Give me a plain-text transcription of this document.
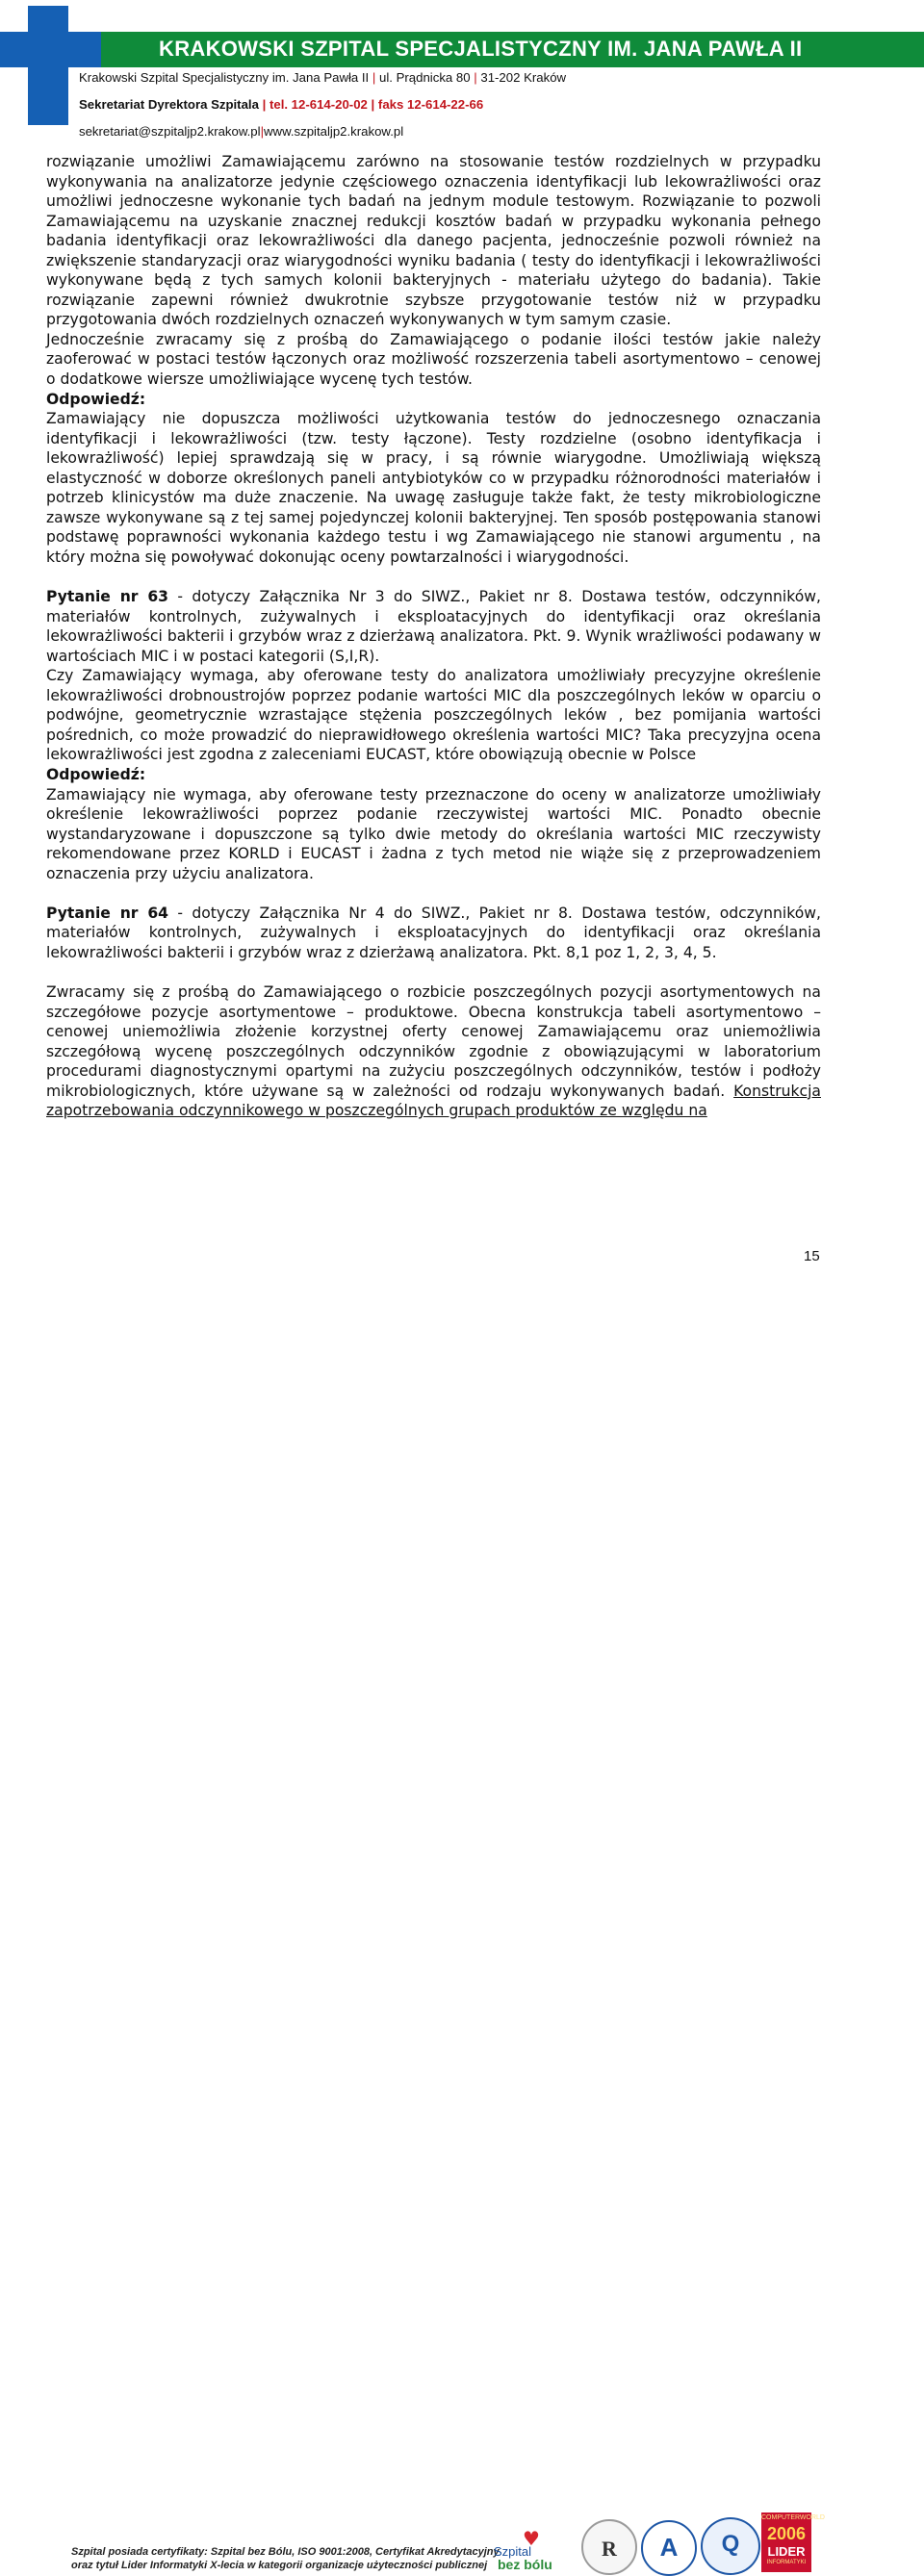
KRAKOWSKI SZPITAL SPECJALISTYCZNY IM. JANA PAWŁA II
Krakowski Szpital Specjalistyczny im. Jana Pawła II | ul. Prądnicka 80 | 31-202 Kraków
Sekretariat Dyrektora Szpitala | tel. 12-614-20-02 | faks 12-614-22-66
sekretariat@szpitaljp2.krakow.pl|www.szpitaljp2.krakow.pl

rozwiązanie umożliwi Zamawiającemu zarówno na stosowanie testów rozdzielnych w przypadku wykonywania na analizatorze jedynie częściowego oznaczenia identyfikacji lub lekowrażliwości oraz umożliwi jednoczesne wykonanie tych badań na jednym module testowym. Rozwiązanie to pozwoli Zamawiającemu na uzyskanie znacznej redukcji kosztów badań w przypadku wykonania pełnego badania identyfikacji oraz lekowrażliwości dla danego pacjenta, jednocześnie pozwoli również na zwiększenie standaryzacji oraz wiarygodności wyniku badania ( testy do identyfikacji i lekowrażliwości wykonywane będą z tych samych kolonii bakteryjnych - materiału użytego do badania). Takie rozwiązanie zapewni również dwukrotnie szybsze przygotowanie testów niż w przypadku przygotowania dwóch rozdzielnych oznaczeń wykonywanych w tym samym czasie.

Jednocześnie zwracamy się z prośbą do Zamawiającego o podanie ilości testów jakie należy zaoferować w postaci testów łączonych oraz możliwość rozszerzenia tabeli asortymentowo – cenowej o dodatkowe wiersze umożliwiające wycenę tych testów.

Odpowiedź:

Zamawiający nie dopuszcza możliwości użytkowania testów do jednoczesnego oznaczania identyfikacji i lekowrażliwości (tzw. testy łączone). Testy rozdzielne (osobno identyfikacja i lekowrażliwość) lepiej sprawdzają się w pracy, i są równie wiarygodne. Umożliwiają większą elastyczność w doborze określonych paneli antybiotyków co w przypadku różnorodności materiałów i potrzeb klinicystów ma duże znaczenie. Na uwagę zasługuje także fakt, że testy mikrobiologiczne zawsze wykonywane są z tej samej pojedynczej kolonii bakteryjnej. Ten sposób postępowania stanowi podstawę poprawności wykonania każdego testu i wg Zamawiającego nie stanowi argumentu , na który można się powoływać dokonując oceny powtarzalności i wiarygodności.

Pytanie nr 63 - dotyczy Załącznika Nr 3 do SIWZ., Pakiet nr 8. Dostawa testów, odczynników, materiałów kontrolnych, zużywalnych i eksploatacyjnych do identyfikacji oraz określania lekowrażliwości bakterii i grzybów wraz z dzierżawą analizatora. Pkt. 9. Wynik wrażliwości podawany w wartościach MIC i w postaci kategorii (S,I,R).

Czy Zamawiający wymaga, aby oferowane testy do analizatora umożliwiały precyzyjne określenie lekowrażliwości drobnoustrojów poprzez podanie wartości MIC dla poszczególnych leków w oparciu o podwójne, geometrycznie wzrastające stężenia poszczególnych leków , bez pomijania wartości pośrednich, co może prowadzić do nieprawidłowego określenia wartości MIC? Taka precyzyjna ocena lekowrażliwości jest zgodna z zaleceniami EUCAST, które obowiązują obecnie w Polsce

Odpowiedź:

Zamawiający nie wymaga, aby oferowane testy przeznaczone do oceny w analizatorze umożliwiały określenie lekowrażliwości poprzez podanie rzeczywistej wartości MIC. Ponadto obecnie wystandaryzowane i dopuszczone są tylko dwie metody do określania wartości MIC rzeczywisty rekomendowane przez KORLD i EUCAST i żadna z tych metod nie wiąże się z przeprowadzeniem oznaczenia przy użyciu analizatora.

Pytanie nr 64 - dotyczy Załącznika Nr 4 do SIWZ., Pakiet nr 8. Dostawa testów, odczynników, materiałów kontrolnych, zużywalnych i eksploatacyjnych do identyfikacji oraz określania lekowrażliwości bakterii i grzybów wraz z dzierżawą analizatora. Pkt. 8,1 poz 1, 2, 3, 4, 5.

Zwracamy się z prośbą do Zamawiającego o rozbicie poszczególnych pozycji asortymentowych na szczegółowe pozycje asortymentowe – produktowe. Obecna konstrukcja tabeli asortymentowo – cenowej uniemożliwia złożenie korzystnej oferty cenowej Zamawiającemu oraz uniemożliwia szczegółową wycenę poszczególnych odczynników zgodnie z obowiązującymi w laboratorium procedurami diagnostycznymi opartymi na zużyciu poszczególnych odczynników, testów i podłoży mikrobiologicznych, które używane są w zależności od rodzaju wykonywanych badań. Konstrukcja zapotrzebowania odczynnikowego w poszczególnych grupach produktów ze względu na

15
Szpital posiada certyfikaty: Szpital bez Bólu, ISO 9001:2008, Certyfikat Akredytacyjny
oraz tytuł Lider Informatyki X-lecia w kategorii organizacje użyteczności publicznej
♥
Szpital
bez bólu
R	A	Q
COMPUTERWORLD
2006
LIDER
INFORMATYKI
